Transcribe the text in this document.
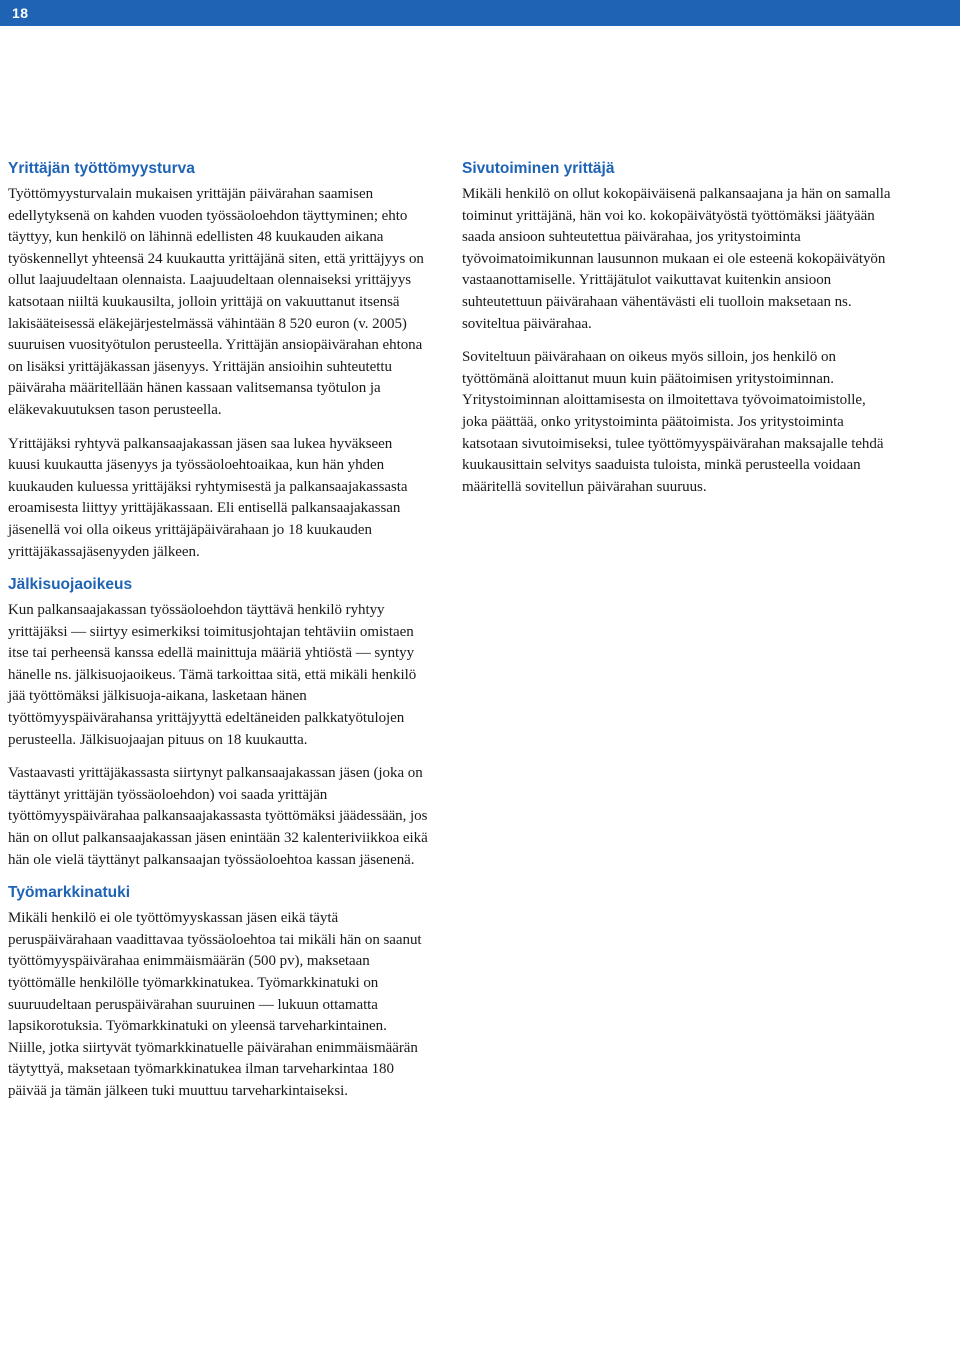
18
Yrittäjän työttömyysturva

Työttömyysturvalain mukaisen yrittäjän päivärahan saamisen edellytyksenä on kahden vuoden työssäoloehdon täyttyminen; ehto täyttyy, kun henkilö on lähinnä edellisten 48 kuukauden aikana työskennellyt yhteensä 24 kuukautta yrittäjänä siten, että yrittäjyys on ollut laajuudeltaan olennaista. Laajuudeltaan olennaiseksi yrittäjyys katsotaan niiltä kuukausilta, jolloin yrittäjä on vakuuttanut itsensä lakisääteisessä eläkejärjestelmässä vähintään 8 520 euron (v. 2005) suuruisen vuosityötulon perusteella. Yrittäjän ansiopäivärahan ehtona on lisäksi yrittäjäkassan jäsenyys. Yrittäjän ansioihin suhteutettu päiväraha määritellään hänen kassaan valitsemansa työtulon ja eläkevakuutuksen tason perusteella.

Yrittäjäksi ryhtyvä palkansaajakassan jäsen saa lukea hyväkseen kuusi kuukautta jäsenyys ja työssäoloehtoaikaa, kun hän yhden kuukauden kuluessa yrittäjäksi ryhtymisestä ja palkansaajakassasta eroamisesta liittyy yrittäjäkassaan. Eli entisellä palkansaajakassan jäsenellä voi olla oikeus yrittäjäpäivärahaan jo 18 kuukauden yrittäjäkassajäsenyyden jälkeen.

Jälkisuojaoikeus

Kun palkansaajakassan työssäoloehdon täyttävä henkilö ryhtyy yrittäjäksi — siirtyy esimerkiksi toimitusjohtajan tehtäviin omistaen itse tai perheensä kanssa edellä mainittuja määriä yhtiöstä — syntyy hänelle ns. jälkisuojaoikeus. Tämä tarkoittaa sitä, että mikäli henkilö jää työttömäksi jälkisuoja-aikana, lasketaan hänen työttömyyspäivärahansa yrittäjyyttä edeltäneiden palkkatyötulojen perusteella. Jälkisuojaajan pituus on 18 kuukautta.

Vastaavasti yrittäjäkassasta siirtynyt palkansaajakassan jäsen (joka on täyttänyt yrittäjän työssäoloehdon) voi saada yrittäjän työttömyyspäivärahaa palkansaajakassasta työttömäksi jäädessään, jos hän on ollut palkansaajakassan jäsen enintään 32 kalenteriviikkoa eikä hän ole vielä täyttänyt palkansaajan työssäoloehtoa kassan jäsenenä.

Työmarkkinatuki

Mikäli henkilö ei ole työttömyyskassan jäsen eikä täytä peruspäivärahaan vaadittavaa työssäoloehtoa tai mikäli hän on saanut työttömyyspäivärahaa enimmäismäärän (500 pv), maksetaan työttömälle henkilölle työmarkkinatukea. Työmarkkinatuki on suuruudeltaan peruspäivärahan suuruinen — lukuun ottamatta lapsikorotuksia. Työmarkkinatuki on yleensä tarveharkintainen. Niille, jotka siirtyvät työmarkkinatuelle päivärahan enimmäismäärän täytyttyä, maksetaan työmarkkinatukea ilman tarveharkintaa 180 päivää ja tämän jälkeen tuki muuttuu tarveharkintaiseksi.

Sivutoiminen yrittäjä

Mikäli henkilö on ollut kokopäiväisenä palkansaajana ja hän on samalla toiminut yrittäjänä, hän voi ko. kokopäivätyöstä työttömäksi jäätyään saada ansioon suhteutettua päivärahaa, jos yritystoiminta työvoimatoimikunnan lausunnon mukaan ei ole esteenä kokopäivätyön vastaanottamiselle. Yrittäjätulot vaikuttavat kuitenkin ansioon suhteutettuun päivärahaan vähentävästi eli tuolloin maksetaan ns. soviteltua päivärahaa.

Soviteltuun päivärahaan on oikeus myös silloin, jos henkilö on työttömänä aloittanut muun kuin päätoimisen yritystoiminnan. Yritystoiminnan aloittamisesta on ilmoitettava työvoimatoimistolle, joka päättää, onko yritystoiminta päätoimista. Jos yritystoiminta katsotaan sivutoimiseksi, tulee työttömyyspäivärahan maksajalle tehdä kuukausittain selvitys saaduista tuloista, minkä perusteella voidaan määritellä sovitellun päivärahan suuruus.
